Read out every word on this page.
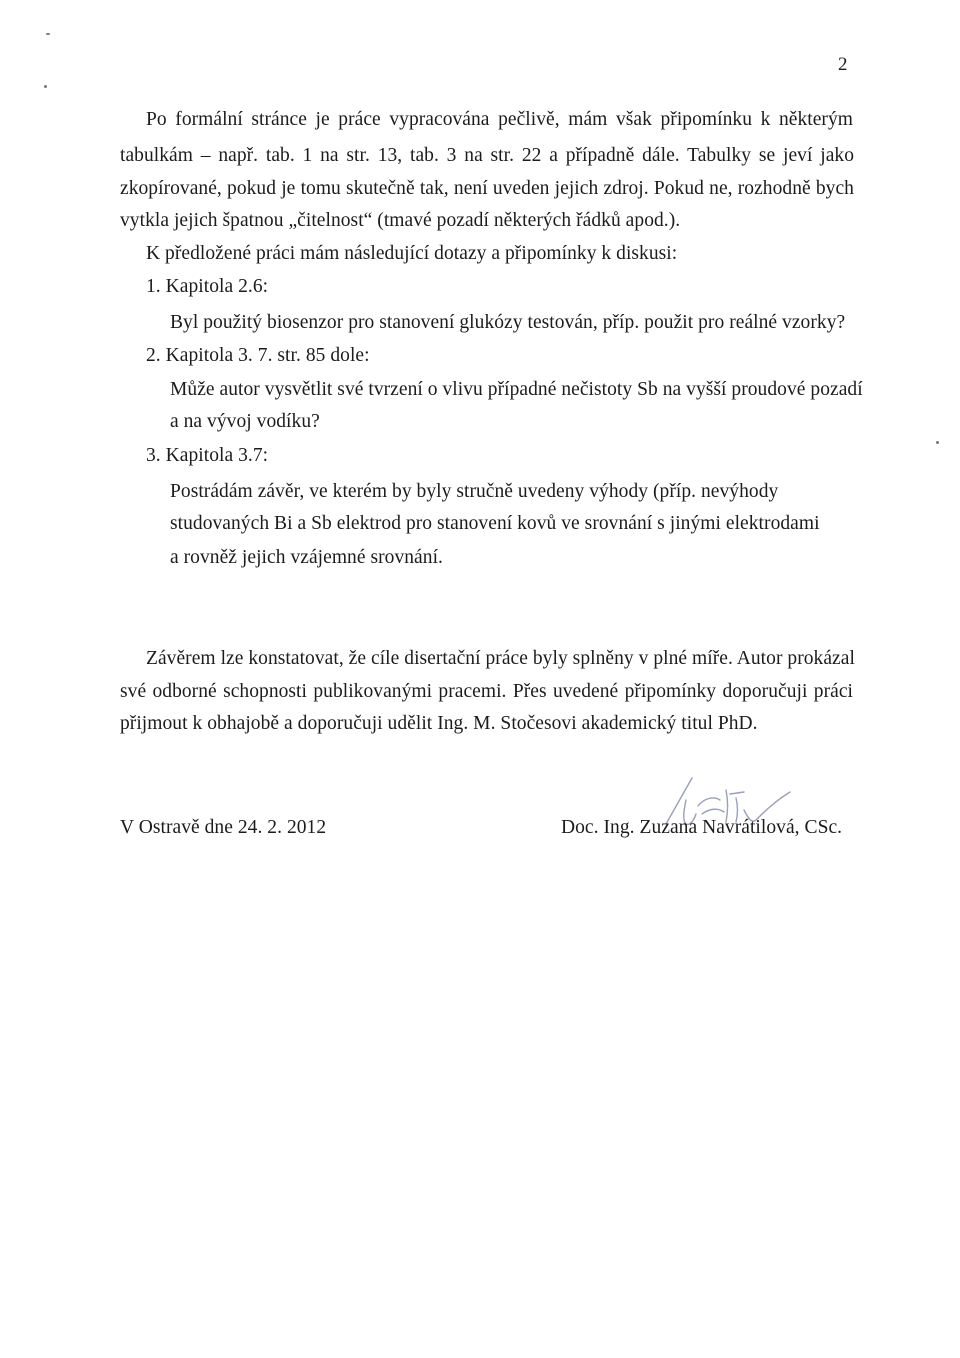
2
Po formální stránce je práce vypracována pečlivě, mám však připomínku k některým
tabulkám – např. tab. 1 na str. 13, tab. 3 na str. 22 a případně dále. Tabulky se jeví jako
zkopírované, pokud je tomu skutečně tak, není uveden jejich zdroj. Pokud ne, rozhodně bych
vytkla jejich špatnou „čitelnost“ (tmavé pozadí některých řádků apod.).
K předložené práci mám následující dotazy a připomínky k diskusi:
1. Kapitola 2.6:
Byl použitý biosenzor pro stanovení glukózy testován, příp. použit pro reálné vzorky?
2. Kapitola 3. 7. str. 85 dole:
Může autor vysvětlit své tvrzení o vlivu případné nečistoty Sb na vyšší proudové pozadí
a na vývoj vodíku?
3. Kapitola 3.7:
Postrádám závěr, ve kterém by byly stručně uvedeny výhody (příp. nevýhody
studovaných Bi a Sb elektrod pro stanovení kovů ve srovnání s jinými elektrodami
a rovněž jejich vzájemné srovnání.
Závěrem lze konstatovat, že cíle disertační práce byly splněny v plné míře. Autor prokázal
své odborné schopnosti publikovanými pracemi. Přes uvedené připomínky doporučuji práci
přijmout k obhajobě a doporučuji udělit Ing. M. Stočesovi akademický titul PhD.
V Ostravě dne 24. 2. 2012	Doc. Ing. Zuzana Navrátilová, CSc.
